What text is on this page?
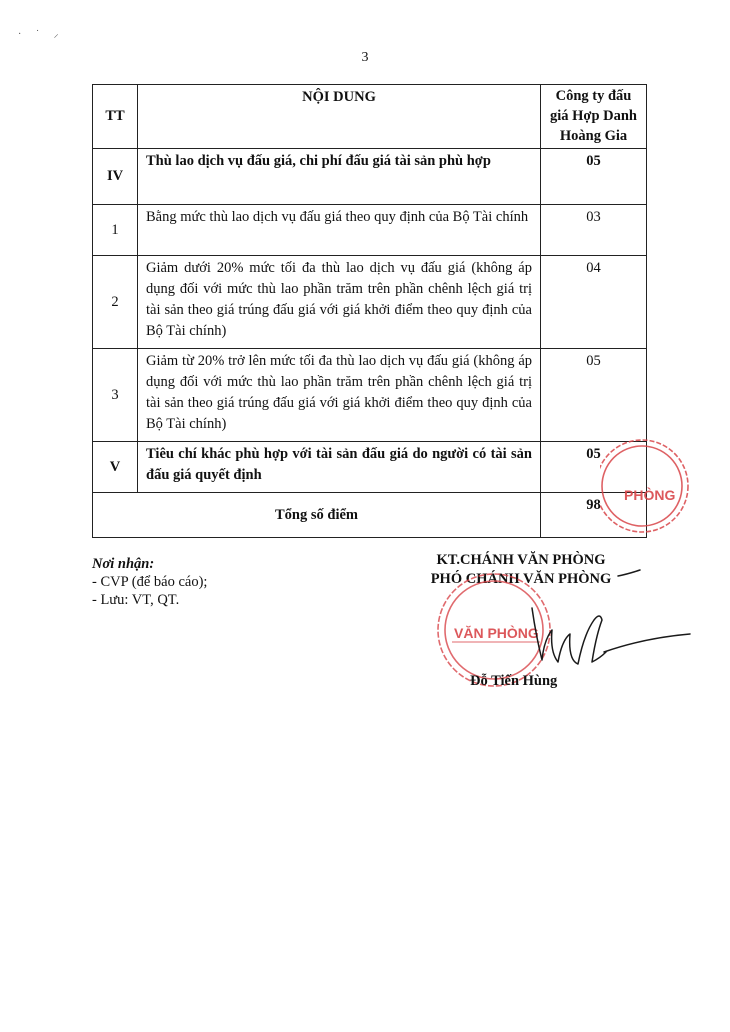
· ˙ ⸝
3
TT	NỘI DUNG	Công ty đấu giá Hợp Danh Hoàng Gia
IV	Thù lao dịch vụ đấu giá, chi phí đấu giá tài sản phù hợp	05
1	Bằng mức thù lao dịch vụ đấu giá theo quy định của Bộ Tài chính	03
2	Giảm dưới 20% mức tối đa thù lao dịch vụ đấu giá (không áp dụng đối với mức thù lao phần trăm trên phần chênh lệch giá trị tài sản theo giá trúng đấu giá với giá khởi điểm theo quy định của Bộ Tài chính)	04
3	Giảm từ 20% trở lên mức tối đa thù lao dịch vụ đấu giá (không áp dụng đối với mức thù lao phần trăm trên phần chênh lệch giá trị tài sản theo giá trúng đấu giá với giá khởi điểm theo quy định của Bộ Tài chính)	05
V	Tiêu chí khác phù hợp với tài sản đấu giá do người có tài sản đấu giá quyết định	05
Tổng số điểm		98
PHÒNG
Nơi nhận:
- CVP (để báo cáo);
- Lưu: VT, QT.
KT.CHÁNH VĂN PHÒNG
PHÓ CHÁNH VĂN PHÒNG
VĂN PHÒNG
Đỗ Tiến Hùng
